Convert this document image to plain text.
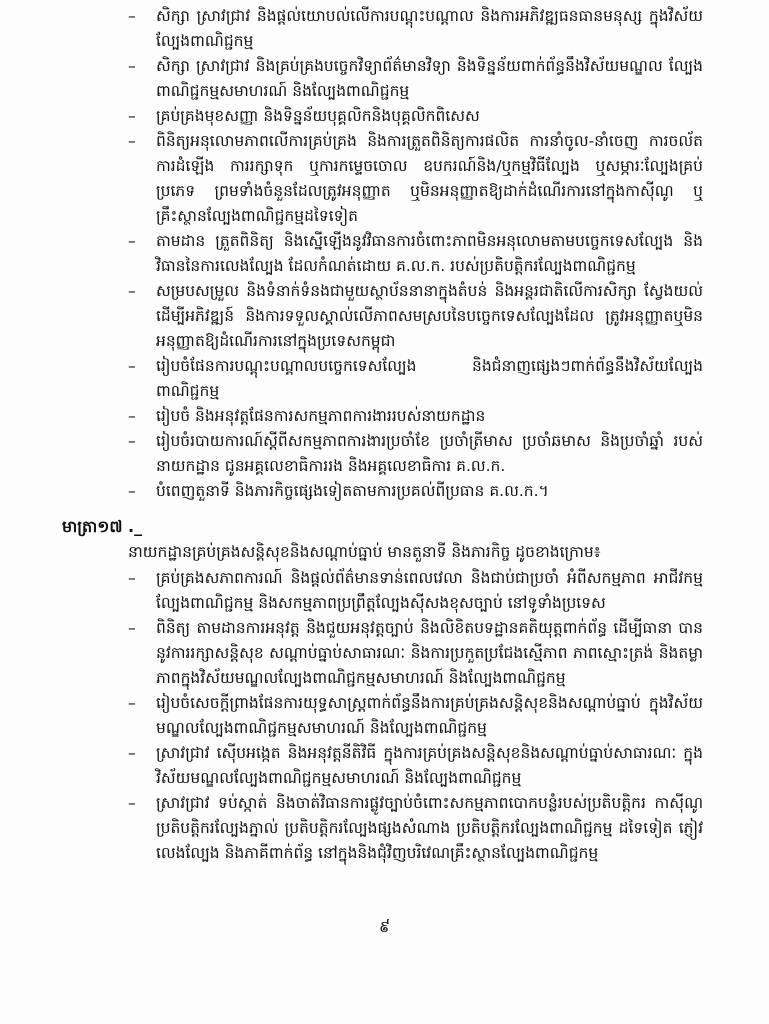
–	សិក្សា ស្រាវជ្រាវ និងផ្តល់យោបល់លើការបណ្តុះបណ្តាល និងការអភិវឌ្ឍធនធានមនុស្ស ក្នុងវិស័យល្បែងពាណិជ្ជកម្ម

–	សិក្សា ស្រាវជ្រាវ និងគ្រប់គ្រងបច្ចេកវិទ្យាព័ត៌មានវិទ្យា និងទិន្នន័យពាក់ព័ន្ធនឹងវិស័យមណ្ឌល ល្បែងពាណិជ្ជកម្មសមាហរណ៍ និងល្បែងពាណិជ្ជកម្ម

–	គ្រប់គ្រងមុខសញ្ញា និងទិន្នន័យបុគ្គលិកនិងបុគ្គលិកពិសេស

–	ពិនិត្យអនុលោមភាពលើការគ្រប់គ្រង និងការត្រួតពិនិត្យការផលិត ការនាំចូល-នាំចេញ ការចល័ត ការដំឡើង ការរក្សាទុក ឬការកម្ទេចចោល ឧបករណ៍និង/ឬកម្មវិធីល្បែង ឬសម្ភារៈល្បែងគ្រប់ ប្រភេទ ព្រមទាំងចំនួនដែលត្រូវអនុញ្ញាត ឬមិនអនុញ្ញាតឱ្យដាក់ដំណើរការនៅក្នុងកាស៊ីណូ ឬ គ្រឹះស្ថានល្បែងពាណិជ្ជកម្មដទៃទៀត

–	តាមដាន ត្រួតពិនិត្យ និងស្នើឡើងនូវវិធានការចំពោះភាពមិនអនុលោមតាមបច្ចេកទេសល្បែង និងវិធាននៃការលេងល្បែង ដែលកំណត់ដោយ គ.ល.ក. របស់ប្រតិបត្តិករល្បែងពាណិជ្ជកម្ម

–	សម្របសម្រួល និងទំនាក់ទំនងជាមួយស្ថាប័ននានាក្នុងតំបន់ និងអន្តរជាតិលើការសិក្សា ស្វែងយល់ដើម្បីអភិវឌ្ឍន៍ និងការទទួលស្គាល់លើភាពសមស្របនៃបច្ចេកទេសល្បែងដែល ត្រូវអនុញ្ញាតឬមិនអនុញ្ញាតឱ្យដំណើរការនៅក្នុងប្រទេសកម្ពុជា

–	រៀបចំផែនការបណ្តុះបណ្តាលបច្ចេកទេសល្បែង និងជំនាញផ្សេងៗពាក់ព័ន្ធនឹងវិស័យល្បែង ពាណិជ្ជកម្ម

–	រៀបចំ និងអនុវត្តផែនការសកម្មភាពការងាររបស់នាយកដ្ឋាន

–	រៀបចំរបាយការណ៍ស្តីពីសកម្មភាពការងារប្រចាំខែ ប្រចាំត្រីមាស ប្រចាំឆមាស និងប្រចាំឆ្នាំ របស់នាយកដ្ឋាន ជូនអគ្គលេខាធិការរង និងអគ្គលេខាធិការ គ.ល.ក.

–	បំពេញតួនាទី និងភារកិច្ចផ្សេងទៀតតាមការប្រគល់ពីប្រធាន គ.ល.ក.។

មាត្រា១៧ ._
នាយកដ្ឋានគ្រប់គ្រងសន្តិសុខនិងសណ្តាប់ធ្នាប់ មានតួនាទី និងភារកិច្ច ដូចខាងក្រោម៖

–	គ្រប់គ្រងសភាពការណ៍ និងផ្តល់ព័ត៌មានទាន់ពេលវេលា និងជាប់ជាប្រចាំ អំពីសកម្មភាព អាជីវកម្មល្បែងពាណិជ្ជកម្ម និងសកម្មភាពប្រព្រឹត្តល្បែងស៊ីសងខុសច្បាប់ នៅទូទាំងប្រទេស

–	ពិនិត្យ តាមដានការអនុវត្ត និងជួយអនុវត្តច្បាប់ និងលិខិតបទដ្ឋានគតិយុត្តពាក់ព័ន្ធ ដើម្បីធានា បាននូវការរក្សាសន្តិសុខ សណ្តាប់ធ្នាប់សាធារណៈ និងការប្រកួតប្រជែងស្មើភាព ភាពស្មោះត្រង់ និងតម្លាភាពក្នុងវិស័យមណ្ឌលល្បែងពាណិជ្ជកម្មសមាហរណ៍ និងល្បែងពាណិជ្ជកម្ម

–	រៀបចំសេចក្តីព្រាងផែនការយុទ្ធសាស្ត្រពាក់ព័ន្ធនឹងការគ្រប់គ្រងសន្តិសុខនិងសណ្តាប់ធ្នាប់ ក្នុងវិស័យមណ្ឌលល្បែងពាណិជ្ជកម្មសមាហរណ៍ និងល្បែងពាណិជ្ជកម្ម

–	ស្រាវជ្រាវ ស៊ើបអង្កេត និងអនុវត្តនីតិវិធី ក្នុងការគ្រប់គ្រងសន្តិសុខនិងសណ្តាប់ធ្នាប់សាធារណៈ ក្នុងវិស័យមណ្ឌលល្បែងពាណិជ្ជកម្មសមាហរណ៍ និងល្បែងពាណិជ្ជកម្ម

–	ស្រាវជ្រាវ ទប់ស្កាត់ និងចាត់វិធានការផ្លូវច្បាប់ចំពោះសកម្មភាពបោកបន្លំរបស់ប្រតិបត្តិករ កាស៊ីណូ ប្រតិបត្តិករល្បែងភ្នាល់ ប្រតិបត្តិករល្បែងផ្សងសំណាង ប្រតិបត្តិករល្បែងពាណិជ្ជកម្ម ដទៃទៀត ភ្ញៀវលេងល្បែង និងភាគីពាក់ព័ន្ធ នៅក្នុងនិងជុំវិញបរិវេណគ្រឹះស្ថានល្បែងពាណិជ្ជកម្ម

៩
